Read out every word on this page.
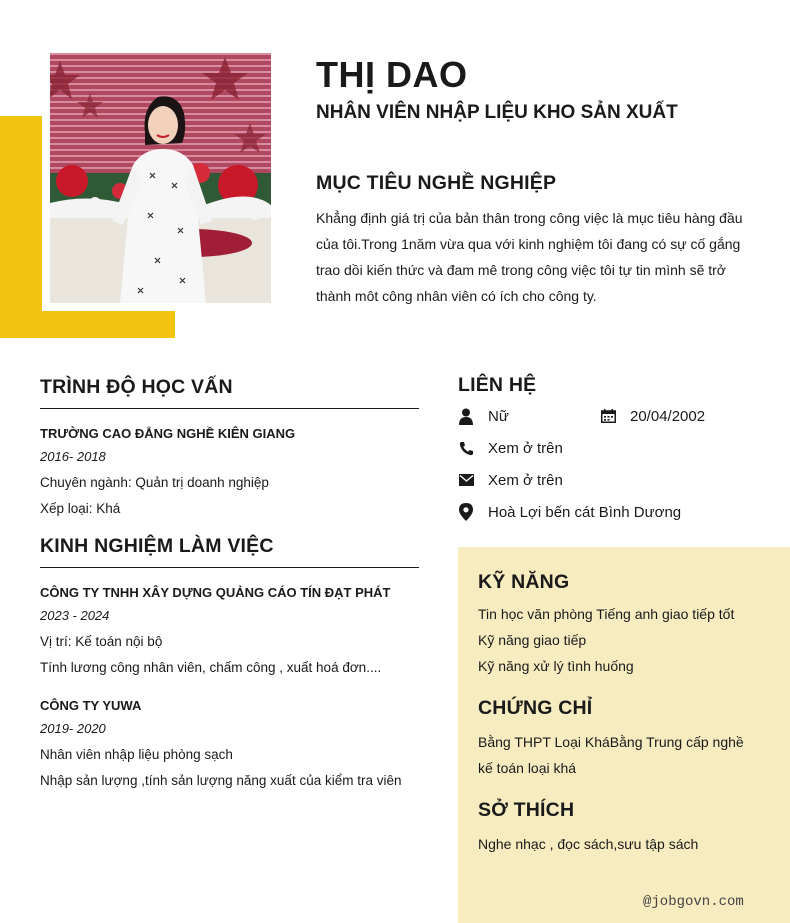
THỊ DAO
NHÂN VIÊN NHẬP LIỆU KHO SẢN XUẤT
MỤC TIÊU NGHỀ NGHIỆP

Khẳng định giá trị của bản thân trong công việc là mục tiêu hàng đầu của tôi.Trong 1năm vừa qua với kinh nghiệm tôi đang có sự cố gắng trao dồi kiến thức và đam mê trong công việc tôi tự tin mình sẽ trở thành môt công nhân viên có ích cho công ty.

TRÌNH ĐỘ HỌC VẤN

TRƯỜNG CAO ĐẲNG NGHỀ KIÊN GIANG

2016- 2018

Chuyên ngành: Quản trị doanh nghiệp

Xếp loại: Khá

KINH NGHIỆM LÀM VIỆC

CÔNG TY TNHH XÂY DỰNG QUẢNG CÁO TÍN ĐẠT PHÁT

2023 - 2024

Vị trí: Kế toán nội bộ

Tính lương công nhân viên, chấm công , xuất hoá đơn....

CÔNG TY YUWA

2019- 2020

Nhân viên nhập liệu phòng sạch

Nhập sản lượng ,tính sản lượng năng xuất của kiểm tra viên

LIÊN HỆ
Nữ	20/04/2002
Xem ở trên
Xem ở trên
Hoà Lợi bến cát Bình Dương
KỸ NĂNG

Tin học văn phòng Tiếng anh giao tiếp tốt

Kỹ năng giao tiếp

Kỹ năng xử lý tình huống

CHỨNG CHỈ

Bằng THPT Loại KháBằng Trung cấp nghề kế toán loại khá

SỞ THÍCH

Nghe nhạc , đọc sách,sưu tập sách

@jobgovn.com
